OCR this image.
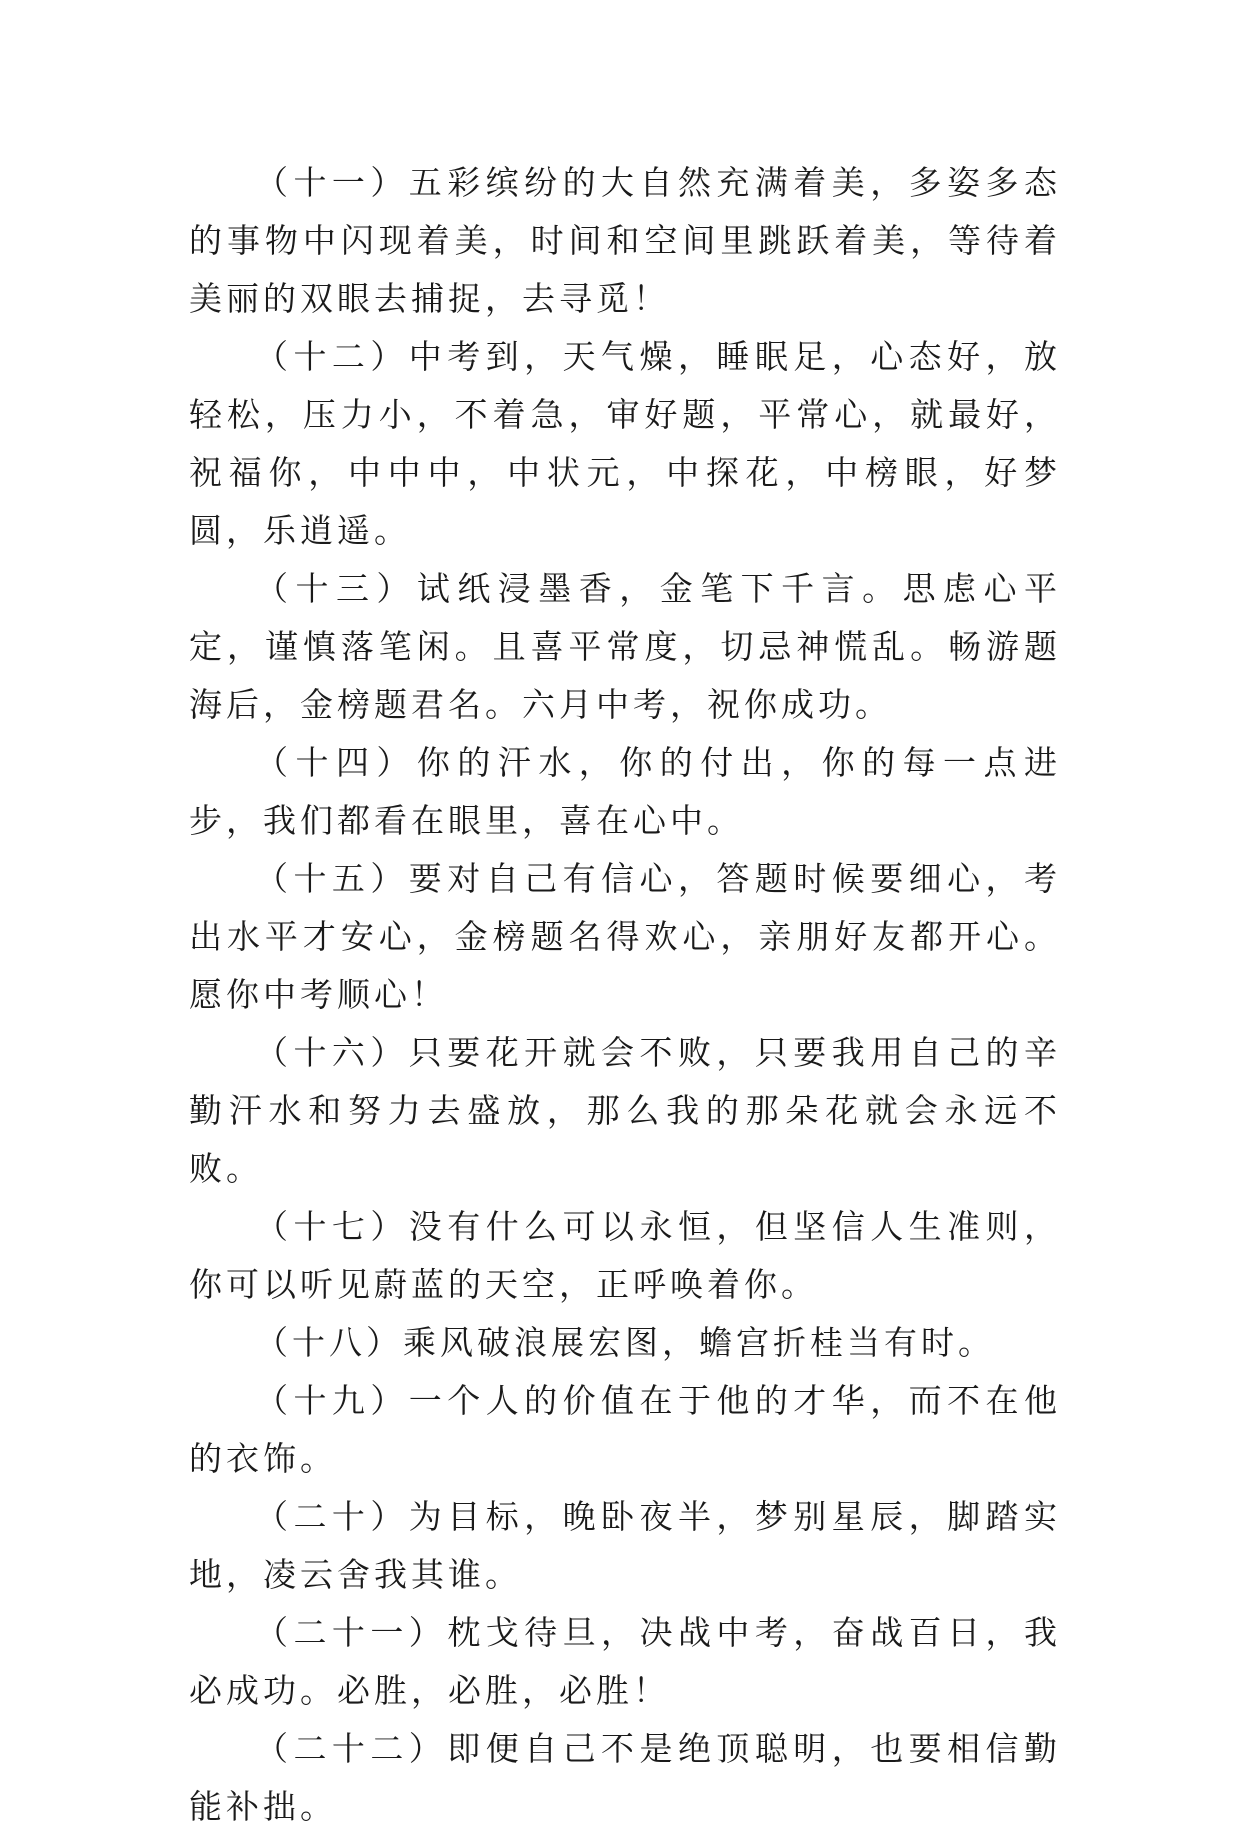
（十一）五彩缤纷的大自然充满着美，多姿多态的事物中闪现着美，时间和空间里跳跃着美，等待着美丽的双眼去捕捉，去寻觅！

（十二）中考到，天气燥，睡眠足，心态好，放轻松，压力小，不着急，审好题，平常心，就最好，祝福你，中中中，中状元，中探花，中榜眼，好梦圆，乐逍遥。

（十三）试纸浸墨香，金笔下千言。思虑心平定，谨慎落笔闲。且喜平常度，切忌神慌乱。畅游题海后，金榜题君名。六月中考，祝你成功。

（十四）你的汗水，你的付出，你的每一点进步，我们都看在眼里，喜在心中。

（十五）要对自己有信心，答题时候要细心，考出水平才安心，金榜题名得欢心，亲朋好友都开心。愿你中考顺心！

（十六）只要花开就会不败，只要我用自己的辛勤汗水和努力去盛放，那么我的那朵花就会永远不败。

（十七）没有什么可以永恒，但坚信人生准则，你可以听见蔚蓝的天空，正呼唤着你。

（十八）乘风破浪展宏图，蟾宫折桂当有时。

（十九）一个人的价值在于他的才华，而不在他的衣饰。

（二十）为目标，晚卧夜半，梦别星辰，脚踏实地，凌云舍我其谁。

（二十一）枕戈待旦，决战中考，奋战百日，我必成功。必胜，必胜，必胜！

（二十二）即便自己不是绝顶聪明，也要相信勤能补拙。
